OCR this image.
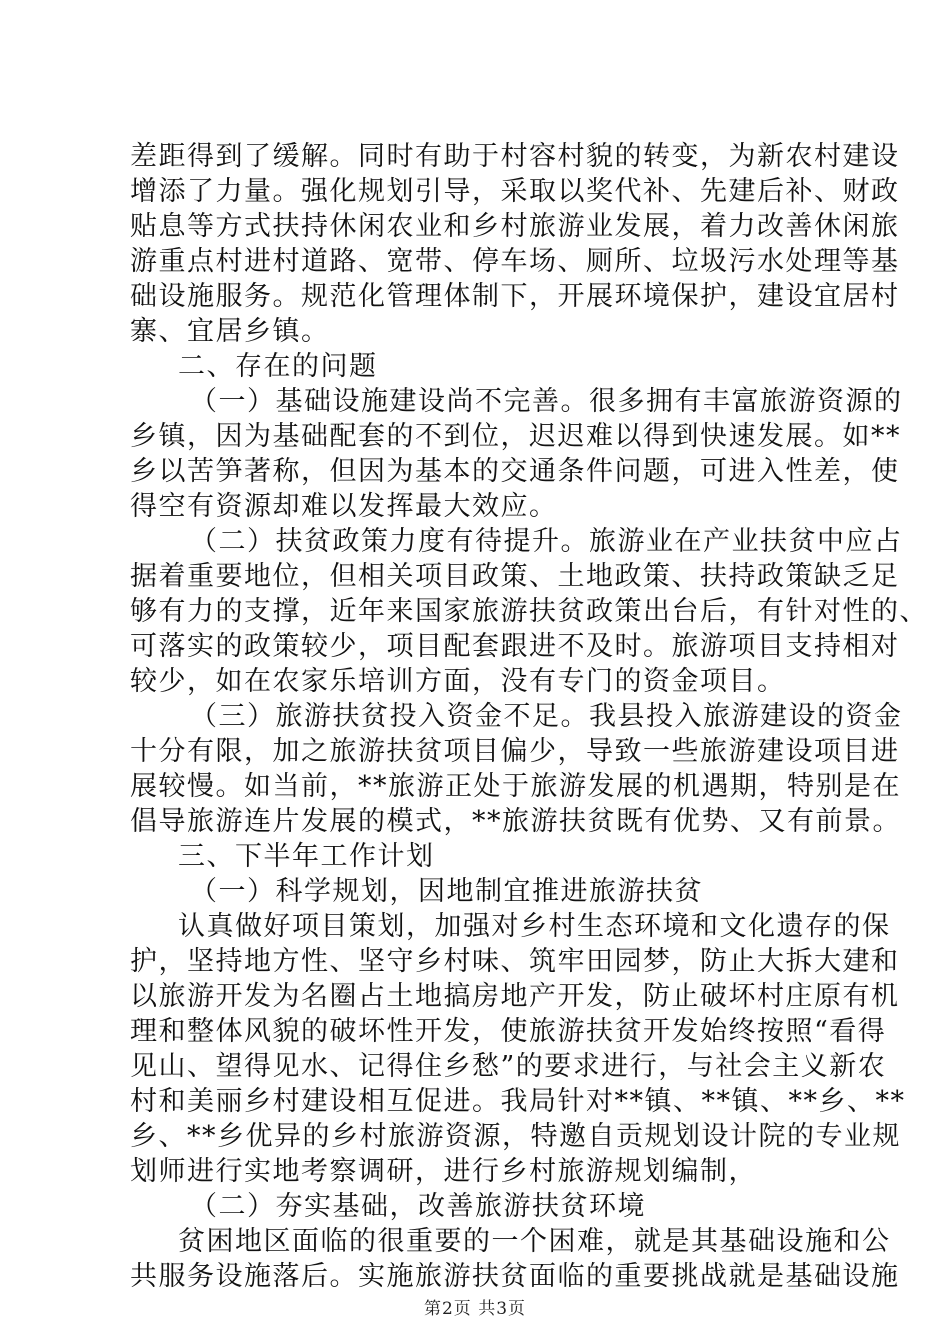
差距得到了缓解。同时有助于村容村貌的转变，为新农村建设
增添了力量。强化规划引导，采取以奖代补、先建后补、财政
贴息等方式扶持休闲农业和乡村旅游业发展，着力改善休闲旅
游重点村进村道路、宽带、停车场、厕所、垃圾污水处理等基
础设施服务。规范化管理体制下，开展环境保护，建设宜居村
寨、宜居乡镇。
二、存在的问题
（一）基础设施建设尚不完善。很多拥有丰富旅游资源的
乡镇，因为基础配套的不到位，迟迟难以得到快速发展。如**
乡以苦笋著称，但因为基本的交通条件问题，可进入性差，使
得空有资源却难以发挥最大效应。
（二）扶贫政策力度有待提升。旅游业在产业扶贫中应占
据着重要地位，但相关项目政策、土地政策、扶持政策缺乏足
够有力的支撑，近年来国家旅游扶贫政策出台后，有针对性的、
可落实的政策较少，项目配套跟进不及时。旅游项目支持相对
较少，如在农家乐培训方面，没有专门的资金项目。
（三）旅游扶贫投入资金不足。我县投入旅游建设的资金
十分有限，加之旅游扶贫项目偏少，导致一些旅游建设项目进
展较慢。如当前，**旅游正处于旅游发展的机遇期，特别是在
倡导旅游连片发展的模式，**旅游扶贫既有优势、又有前景。
三、下半年工作计划
（一）科学规划，因地制宜推进旅游扶贫
认真做好项目策划，加强对乡村生态环境和文化遗存的保
护，坚持地方性、坚守乡村味、筑牢田园梦，防止大拆大建和
以旅游开发为名圈占土地搞房地产开发，防止破坏村庄原有机
理和整体风貌的破坏性开发，使旅游扶贫开发始终按照“看得
见山、望得见水、记得住乡愁”的要求进行，与社会主义新农
村和美丽乡村建设相互促进。我局针对**镇、**镇、**乡、**
乡、**乡优异的乡村旅游资源，特邀自贡规划设计院的专业规
划师进行实地考察调研，进行乡村旅游规划编制，
（二）夯实基础，改善旅游扶贫环境
贫困地区面临的很重要的一个困难，就是其基础设施和公
第2页 共3页
共服务设施落后。实施旅游扶贫面临的重要挑战就是基础设施
